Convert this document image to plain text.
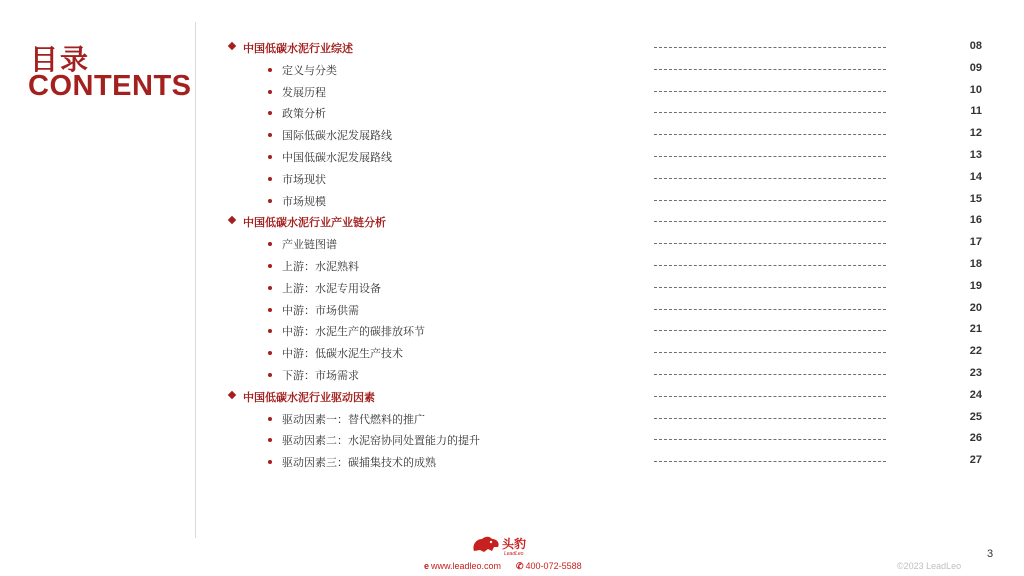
目录
CONTENTS
中国低碳水泥行业综述	08
定义与分类	09
发展历程	10
政策分析	11
国际低碳水泥发展路线	12
中国低碳水泥发展路线	13
市场现状	14
市场规模	15
中国低碳水泥行业产业链分析	16
产业链图谱	17
上游：水泥熟料	18
上游：水泥专用设备	19
中游：市场供需	20
中游：水泥生产的碳排放环节	21
中游：低碳水泥生产技术	22
下游：市场需求	23
中国低碳水泥行业驱动因素	24
驱动因素一：替代燃料的推广	25
驱动因素二：水泥窑协同处置能力的提升	26
驱动因素三：碳捕集技术的成熟	27
头豹
LeadLeo
e www.leadleo.com ✆ 400-072-5588
3
©2023 LeadLeo
